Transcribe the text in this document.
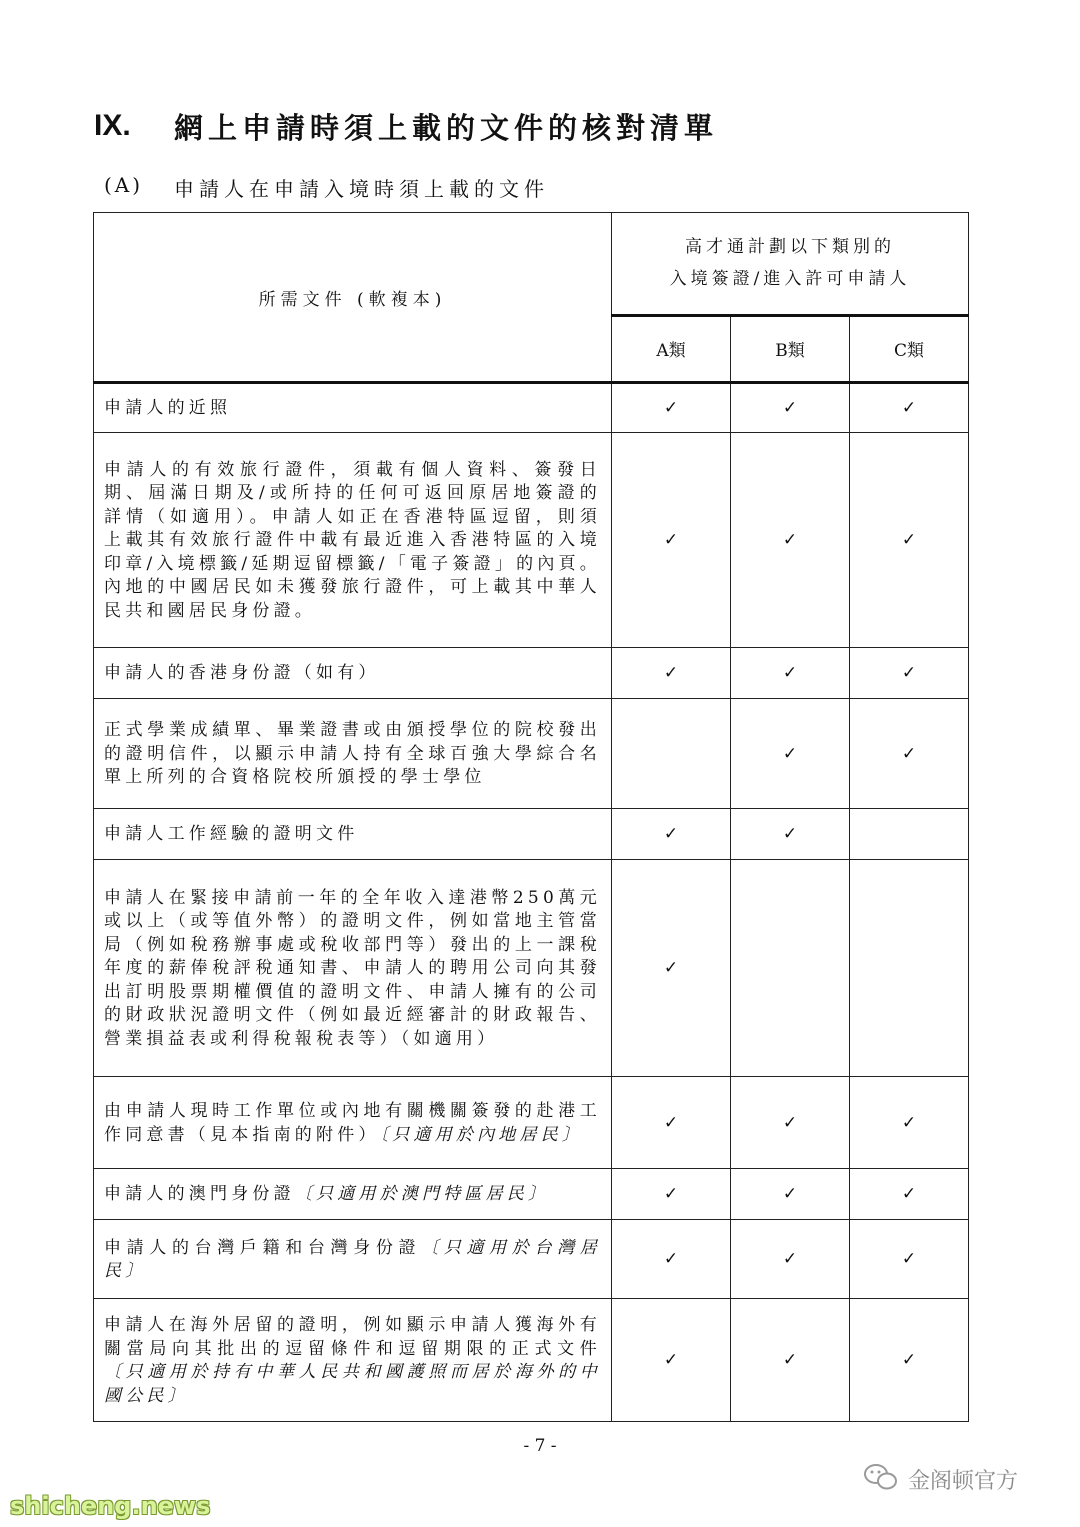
IX.	網上申請時須上載的文件的核對清單
(A)	申請人在申請入境時須上載的文件
所需文件 (軟複本)	高才通計劃以下類別的
入境簽證/進入許可申請人		

	A類	B類	C類
申請人的近照	✓	✓	✓
申請人的有效旅行證件，須載有個人資料、簽發日期、屆滿日期及/或所持的任何可返回原居地簽證的詳情（如適用）。申請人如正在香港特區逗留，則須上載其有效旅行證件中載有最近進入香港特區的入境印章/入境標籤/延期逗留標籤/「電子簽證」的內頁。內地的中國居民如未獲發旅行證件，可上載其中華人民共和國居民身份證。	✓	✓	✓
申請人的香港身份證（如有）	✓	✓	✓
正式學業成績單、畢業證書或由頒授學位的院校發出的證明信件，以顯示申請人持有全球百強大學綜合名單上所列的合資格院校所頒授的學士學位		✓	✓
申請人工作經驗的證明文件	✓	✓	
申請人在緊接申請前一年的全年收入達港幣250萬元或以上（或等值外幣）的證明文件，例如當地主管當局（例如稅務辦事處或稅收部門等）發出的上一課稅年度的薪俸稅評稅通知書、申請人的聘用公司向其發出訂明股票期權價值的證明文件、申請人擁有的公司的財政狀況證明文件（例如最近經審計的財政報告、營業損益表或利得稅報稅表等）（如適用）	✓		
由申請人現時工作單位或內地有關機關簽發的赴港工作同意書（見本指南的附件）〔只適用於內地居民〕	✓	✓	✓
申請人的澳門身份證〔只適用於澳門特區居民〕	✓	✓	✓
申請人的台灣戶籍和台灣身份證〔只適用於台灣居民〕	✓	✓	✓
申請人在海外居留的證明，例如顯示申請人獲海外有關當局向其批出的逗留條件和逗留期限的正式文件〔只適用於持有中華人民共和國護照而居於海外的中國公民〕	✓	✓	✓
- 7 -
金阁顿官方
shicheng.news
